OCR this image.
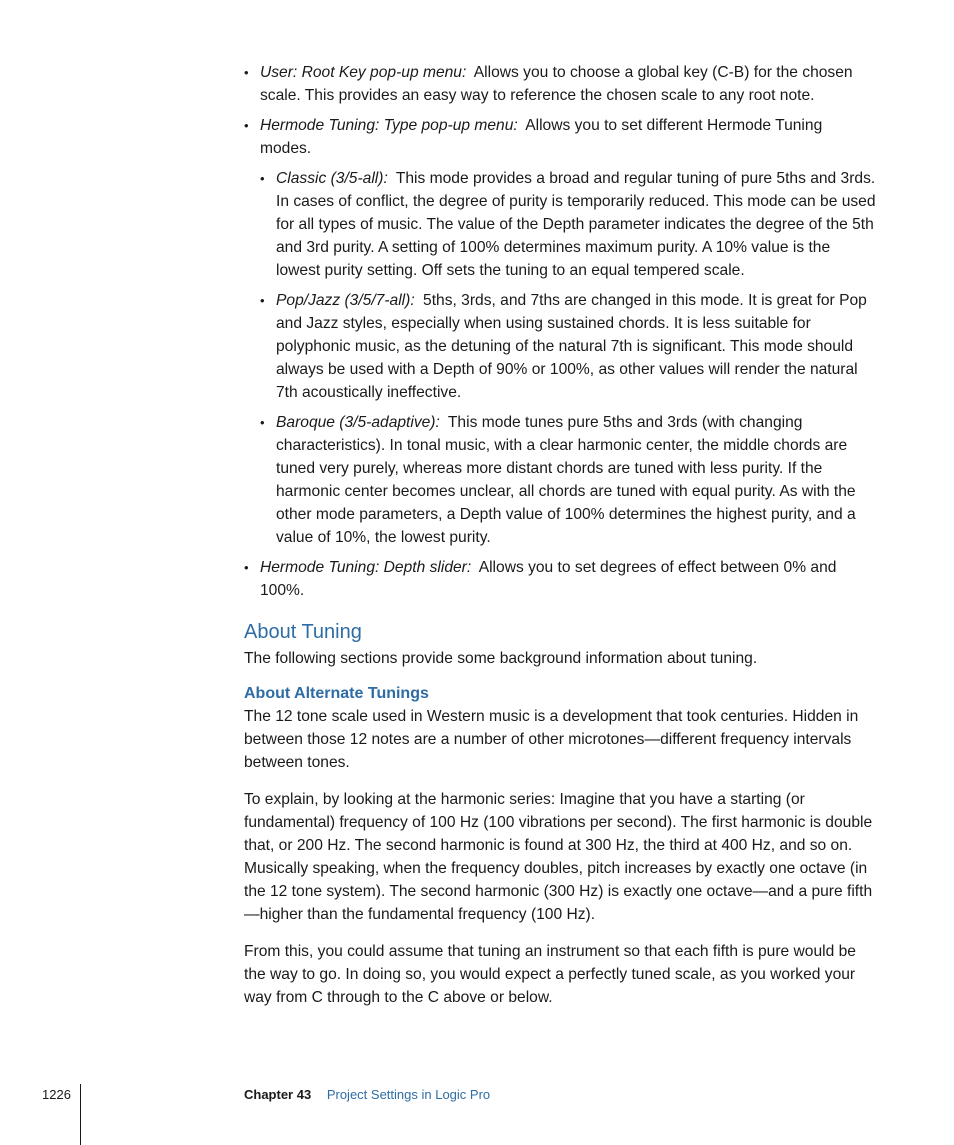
• User: Root Key pop-up menu: Allows you to choose a global key (C-B) for the chosen scale. This provides an easy way to reference the chosen scale to any root note.
• Hermode Tuning: Type pop-up menu: Allows you to set different Hermode Tuning modes.
• Classic (3/5-all): This mode provides a broad and regular tuning of pure 5ths and 3rds. In cases of conflict, the degree of purity is temporarily reduced. This mode can be used for all types of music. The value of the Depth parameter indicates the degree of the 5th and 3rd purity. A setting of 100% determines maximum purity. A 10% value is the lowest purity setting. Off sets the tuning to an equal tempered scale.
• Pop/Jazz (3/5/7-all): 5ths, 3rds, and 7ths are changed in this mode. It is great for Pop and Jazz styles, especially when using sustained chords. It is less suitable for polyphonic music, as the detuning of the natural 7th is significant. This mode should always be used with a Depth of 90% or 100%, as other values will render the natural 7th acoustically ineffective.
• Baroque (3/5-adaptive): This mode tunes pure 5ths and 3rds (with changing characteristics). In tonal music, with a clear harmonic center, the middle chords are tuned very purely, whereas more distant chords are tuned with less purity. If the harmonic center becomes unclear, all chords are tuned with equal purity. As with the other mode parameters, a Depth value of 100% determines the highest purity, and a value of 10%, the lowest purity.
• Hermode Tuning: Depth slider: Allows you to set degrees of effect between 0% and 100%.
About Tuning

The following sections provide some background information about tuning.

About Alternate Tunings

The 12 tone scale used in Western music is a development that took centuries. Hidden in between those 12 notes are a number of other microtones—different frequency intervals between tones.

To explain, by looking at the harmonic series: Imagine that you have a starting (or fundamental) frequency of 100 Hz (100 vibrations per second). The first harmonic is double that, or 200 Hz. The second harmonic is found at 300 Hz, the third at 400 Hz, and so on. Musically speaking, when the frequency doubles, pitch increases by exactly one octave (in the 12 tone system). The second harmonic (300 Hz) is exactly one octave—and a pure fifth—higher than the fundamental frequency (100 Hz).

From this, you could assume that tuning an instrument so that each fifth is pure would be the way to go. In doing so, you would expect a perfectly tuned scale, as you worked your way from C through to the C above or below.

1226	Chapter 43 Project Settings in Logic Pro
